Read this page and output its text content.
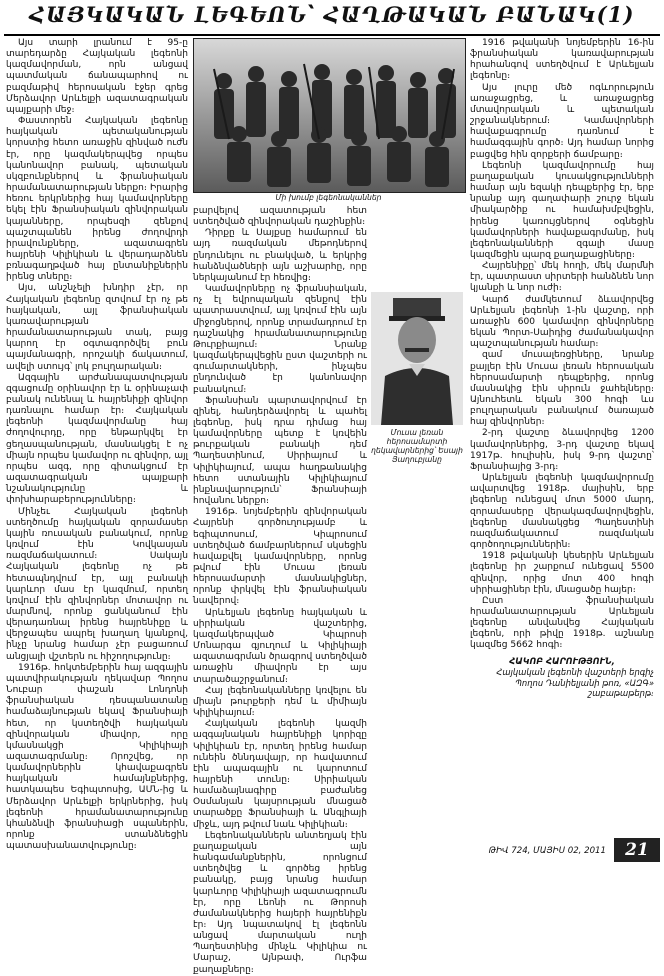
ՀԱՅԿԱԿԱՆ ԼԵԳԵՈՆ՝ ՀԱՂԹԱԿԱՆ ԲԱՆԱԿ(1)

Այս տարի լրանում է 95-ը տարեդարձը Հայկական լեգեոնի կազմավորման, որն անցավ պատմական ճանապարհով ու բազմաթիվ հերոսական էջեր գրեց Մերձավոր Արևելքի ազատագրական պայքարի մեջ։

Փաստորեն Հայկական լեգեոնը հայկական պետականության կորստից հետո առաջին զինված ուժն էր, որը կազմակերպվեց որպես կանոնավոր բանակ, պետական սկզբունքներով և ֆրանսիական հրամանատարության ներքո։ Իրարից հեռու երկրներից հայ կամավորները եկել էին Ֆրանսիական զինվորական կայանները, որպեսզի զենքով պաշտպանեն իրենց ժողովրդի իրավունքները, ազատագրեն հայրենի Կիլիկիան և վերադարձնեն բռնագաղթված հայ ընտանիքներին իրենց տները։

Այս, անշնչելի խնդիր չէր, որ Հայկական լեգեոնը զտվում էր ոչ թե հայկական, այլ ֆրանսիական կառավարության հրամանատարության տակ, բայց կարող էր օգտագործվել բուն պայմանագրի, որոշակի ճակատում, ավելի ստույգ՝ լոկ բուլղարական։

Ազգային արժանապատվության զգացումը օրինավոր էր և օրինաչափ բանակ ունենալ և հայրենիքի զինվոր դառնալու համար էր։ Հայկական լեգեոնի կազմավորմանը հայ ժողովուրդը, որը ենթարկվել էր ցեղասպանության, մասնակցել է ոչ միայն որպես կամավոր ու զինվոր, այլ որպես ազգ, որը գիտակցում էր ազատագրական պայքարի նշանակությունը և փոխհարաբերությունները։

Մինչեւ Հայկական լեգեոնի ստեղծումը հայկական զորամասեր կային ռուսական բանակում, որոնք կռվում էին Կովկասյան ռազմաճակատում։ Սակայն Հայկական լեգեոնը ոչ թե հետապնդվում էր, այլ բանակի կարևոր մաս էր կազմում, որտեղ կռվում էին զինվորներ մոտավոր ու մարմնով, որոնք ցանկանում էին վերադառնալ իրենց հայրենիքը և վերջապես ապրել խաղաղ կյանքով, ինչը նրանց համար չէր բացառում անցյալի վշտերն ու հիշողությունը։

1916թ. հոկտեմբերին հայ ազգային պատվիրակության ղեկավար Պողոս Նուբար փաշան Լոնդոնի ֆրանսիական դեսպանատանը համաձայնության եկավ Ֆրանսիայի հետ, որ կստեղծվի հայկական զինվորական միավոր, որը կմասնակցի Կիլիկիայի ազատագրմանը։ Որոշվեց, որ կամավորներին կհավաքագրեն հայկական համայնքներից, հատկապես Եգիպտոսից, ԱՄՆ-ից և Մերձավոր Արևելքի երկրներից, իսկ լեգեոնի հրամանատարությունը կհանձնվի ֆրանսիացի սպաներին, որոնք ստանձնեցին պատասխանատվությունը։

Մի խումբ լեգեոնականներ

բարվելով ազատության հետ ստեղծված զինվորական դաշինքին։

Դիրքը և Սայքսը համարում են այդ ռազմական մեթոդներով ընդունելու ու բնակված, և երկրից հանձնվածների այն աշխարհը, որը ներկայանում էր հեռվից։

Կամավորները ոչ ֆրանսիական, ոչ էլ եվրոպական զենքով էին պատրաստվում, այլ կռվում էին այն միջոցներով, որոնք տրամադրում էր դաշնակից հրամանատարությունը Թուրքիայում։ Նրանք կազմակերպվեցին ըստ վաշտերի ու գումարտակների, ինչպես ընդունված էր կանոնավոր բանակում։

Ֆրանսիան պարտավորվում էր զինել, հանդերձավորել և պահել լեգեոնը, իսկ դրա դիմաց հայ կամավորները պետք է կռվեին թուրքական բանակի դեմ Պաղեստինում, Սիրիայում և Կիլիկիայում, ապա հաղթանակից հետո ստանային Կիլիկիայում ինքնավարություն՝ Ֆրանսիայի հովանու ներքո։

1916թ. նոյեմբերին զինվորական Հայրենի գործուղությամբ և եգիպտոսում, Կիպրոսում ստեղծված ճամբարներում սկսեցին հավաքվել կամավորները, որոնց թվում էին Մուսա լեռան հերոսամարտի մասնակիցներ, որոնք փրկվել էին ֆրանսիական նավերով։

Արևելյան լեգեոնը հայկական և սիրիական վաշտերից, կազմակերպված Կիպրոսի Մոնարգա գյուղում և Կիլիկիայի ազատագրման ծրագրով ստեղծված առաջին միավորն էր այս տարածաշրջանում։

Հայ լեգեոնականները կռվելու են միայն թուրքերի դեմ և միմիայն Կիլիկիայում։

Հայկական լեգեոնի կազմի ազգայնական հայրենիքի կորիզը Կիլիկիան էր, որտեղ իրենց համար ունեին ծննդավայր, որ հավատում էին ապագային ու կարոտում հայրենի տունը։ Սիրիական համաձայնագիրը բաժանեց Օսմանյան կայսրության մնացած տարածքը Ֆրանսիայի և Անգլիայի միջև, այդ թվում նաև Կիլիկիան։

Լեգեոնականներն անտեղյակ էին քաղաքական այն հանգամանքներին, որոնցում ստեղծվեց և գործեց իրենց բանակը, բայց նրանց համար կարևորը Կիլիկիայի ազատագրումն էր, որը Լեոնի ու Թորոսի ժամանակներից հայերի հայրենիքն էր։ Այդ նպատակով էլ լեգեոնն անցավ մարտական ուղի Պաղեստինից մինչև Կիլիկիա ու Մարաշ, Այնթափ, Ուրֆա քաղաքները։

Մուսա լեռան հերոսամարտի ղեկավարներից՝ Եսայի Յաղուբյանը

1916 թվականի նոյեմբերին 16-ին ֆրանսիական կառավարության հրահանգով ստեղծվում է Արևելյան լեգեոնը։

Այս լուրը մեծ ոգևորություն առաջացրեց, և առաջացրեց մտավորական և պետական շրջանակներում։ Կամավորների հավաքագրումը դառնում է համազգային գործ։ Այդ համար նորից բացվեց հին զորքերի ճամբարը։

Լեգեոնի կազմավորումը հայ քաղաքական կուսակցությունների համար այն եզակի դեպքերից էր, երբ նրանք այդ գաղափարի շուրջ եկան միակարծիք ու համախմբվեցին, իրենց կառույցներով օգնեցին կամավորների հավաքագրմանը, իսկ լեգեոնականների զգալի մասը կազմեցին պարզ քաղաքացիները։

Հայրենիքը՝ մեկ հողի, մեկ մարմնի էր, պատրաստ սիրտերի հանձնեն նոր կյանքի և նոր ուժի։

Կարճ ժամկետում ձևավորվեց Արևելյան լեգեոնի 1-ին վաշտը, որի առաջին 600 կամավոր զինվորները եկան Պորտ-Սաիդից ժամանակավոր պաշտպանության համար։

զամ մուսալեռցիները, նրանք քայլեր էին Մուսա լեռան հերոսական հերոսամարտի դեպքերից, որոնց մասնակից էին սիրուն ջահելները։ Այնուհետև եկան 300 հոգի ևս բուլղարական բանակում ծառայած հայ զինվորներ։

2-րդ վաշտը ձևավորվեց 1200 կամավորներից, 3-րդ վաշտը եկավ 1917թ. հուլիսին, իսկ 9-րդ վաշտը՝ Ֆրանսիայից 3-րդ։

Արևելյան լեգեոնի կազմավորումը ավարտվեց 1918թ. մայիսին, երբ լեգեոնը ունեցավ մոտ 5000 մարդ, զորամասերը վերակազմավորվեցին, լեգեոնը մասնակցեց Պաղեստինի ռազմաճակատում ռազմական գործողություններին։

1918 թվականի կեսերին Արևելյան լեգեոնը իր շարքում ունեցավ 5500 զինվոր, որից մոտ 400 հոգի սիրիացիներ էին, մնացածը հայեր։

Ըստ ֆրանսիական հրամանատարության Արևելյան լեգեոնը անվանվեց Հայկական լեգեոն, որի թիվը 1918թ. աշնանը կազմեց 5662 հոգի։

ՀԱԿՈԲ ՀԱՐՈՒԹՅՈՒՆ,
Հայկական լեգեոնի վաշտերի երգիչ Պողոս Դանիելյանի թոռ, «ԱԶԳ» շաբաթաթերթ։
ԹԻՎ 724, ՄԱՅԻՍ 02, 2011	21
